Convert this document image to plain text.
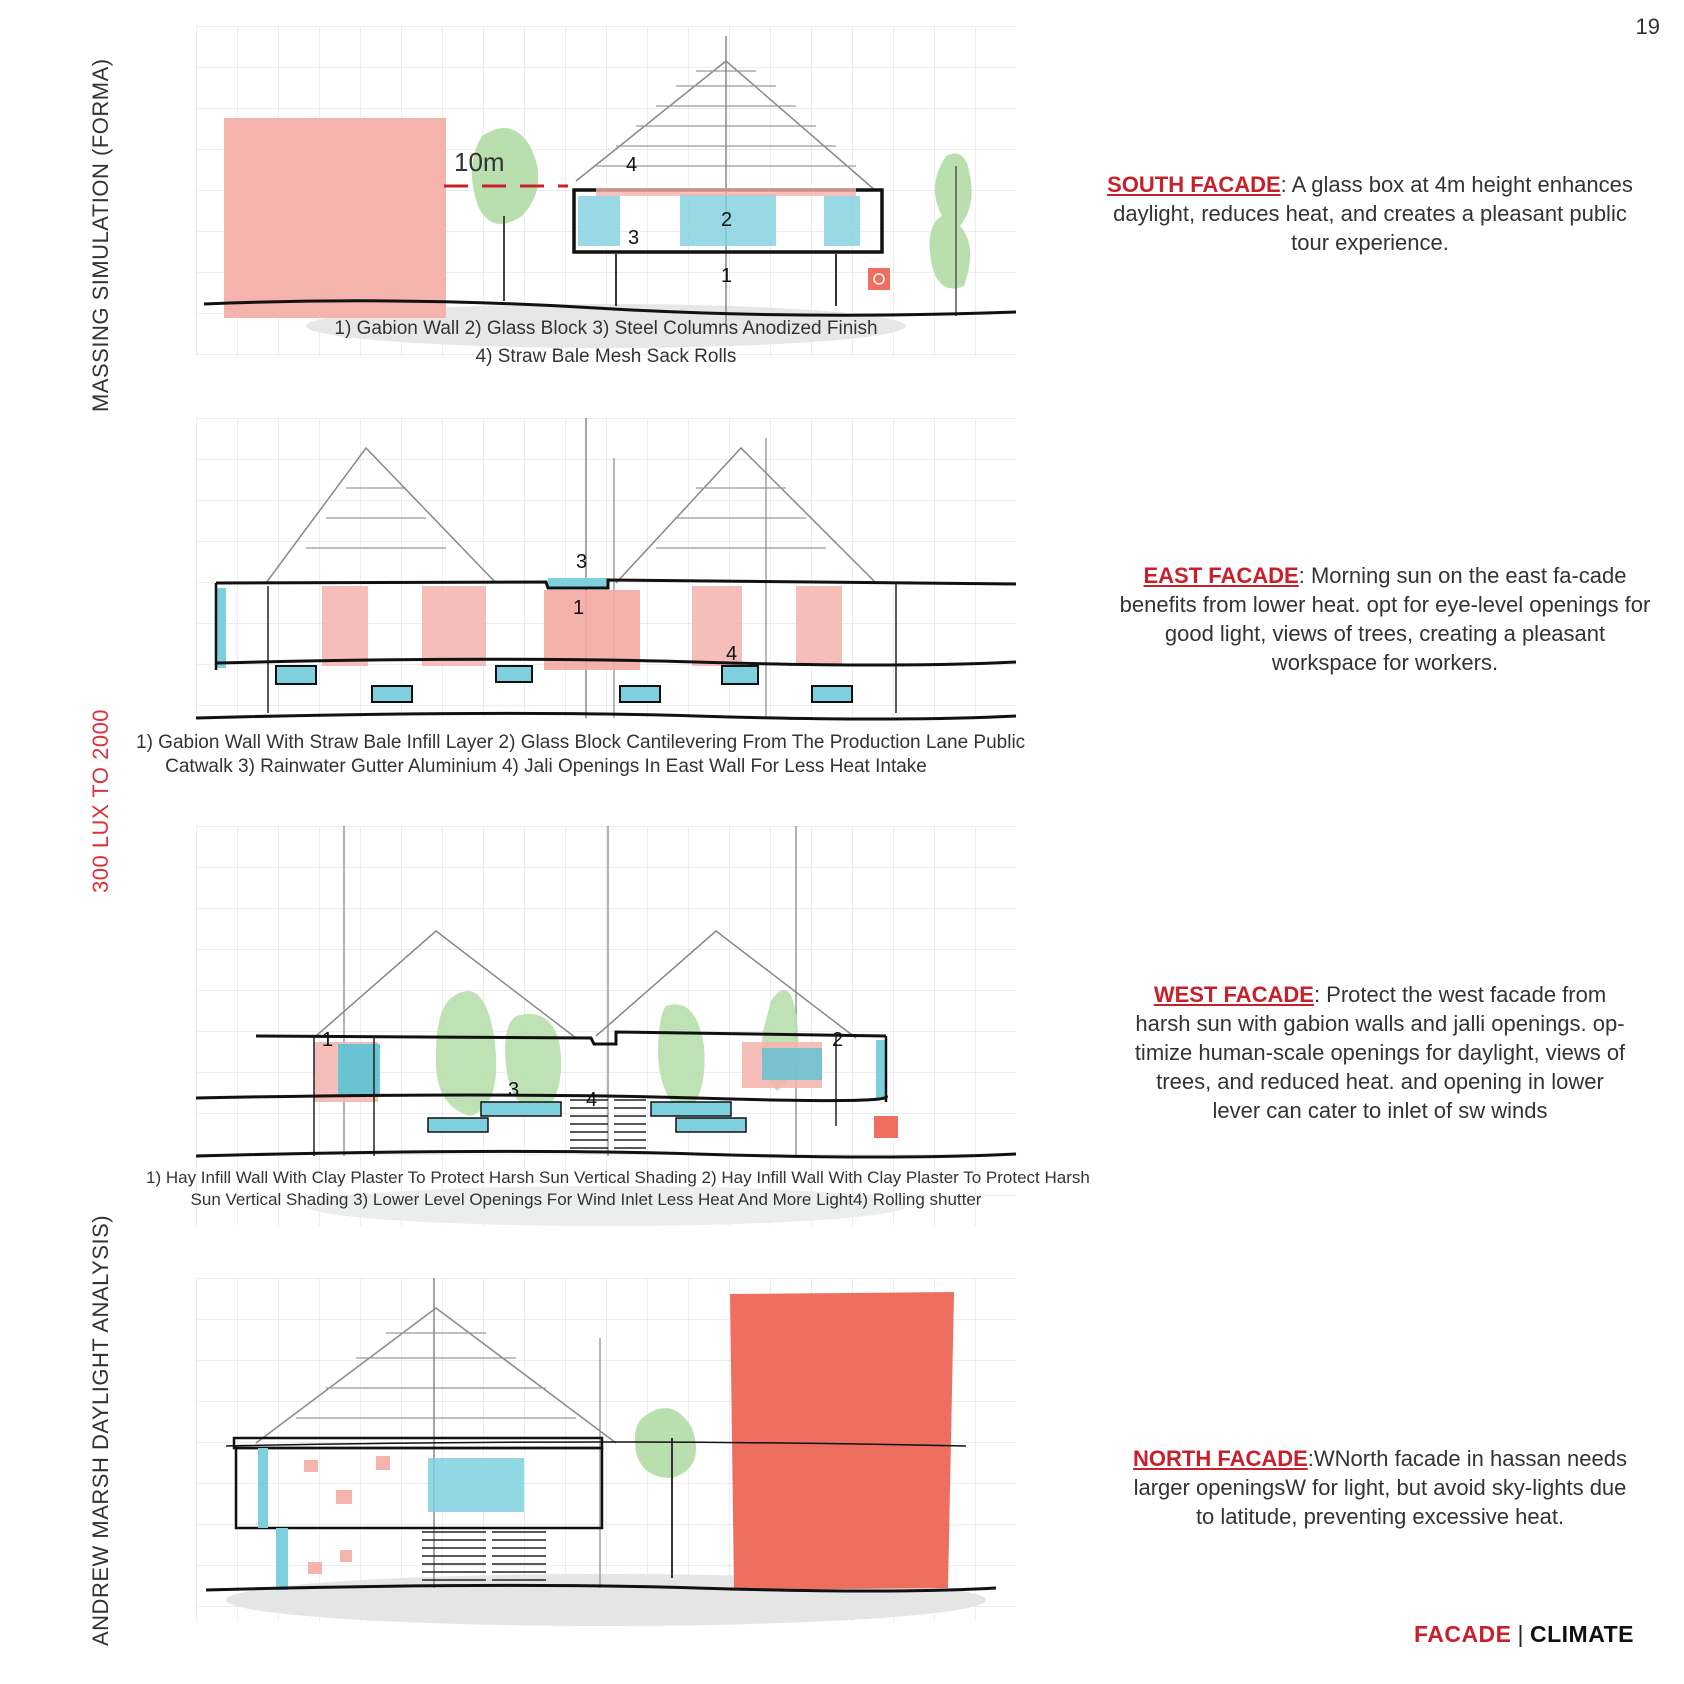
19
MASSING SIMULATION (FORMA)
300 LUX TO 2000
ANDREW MARSH DAYLIGHT ANALYSIS)
10m	4
2
3
1
1) Gabion Wall 2) Glass Block 3) Steel Columns Anodized Finish
4) Straw Bale Mesh Sack Rolls
3
1
4
1) Gabion Wall With Straw Bale Infill Layer 2) Glass Block Cantilevering From The Production Lane Public
Catwalk 3) Rainwater Gutter Aluminium 4) Jali Openings In East Wall For Less Heat Intake
1	2
3	4
1) Hay Infill Wall With Clay Plaster To Protect Harsh Sun Vertical Shading 2) Hay Infill Wall With Clay Plaster To Protect Harsh
Sun Vertical Shading 3) Lower Level Openings For Wind Inlet Less Heat And More Light4) Rolling shutter
SOUTH FACADE: A glass box at 4m height enhances daylight, reduces heat, and creates a pleasant public tour experience.
EAST FACADE: Morning sun on the east fa-cade benefits from lower heat. opt for eye-level openings for good light, views of trees, creating a pleasant workspace for workers.
WEST FACADE: Protect the west facade from harsh sun with gabion walls and jalli openings. op-timize human-scale openings for daylight, views of trees, and reduced heat. and opening in lower lever can cater to inlet of sw winds
NORTH FACADE:WNorth facade in hassan needs larger openingsW for light, but avoid sky-lights due to latitude, preventing excessive heat.
FACADE | CLIMATE
